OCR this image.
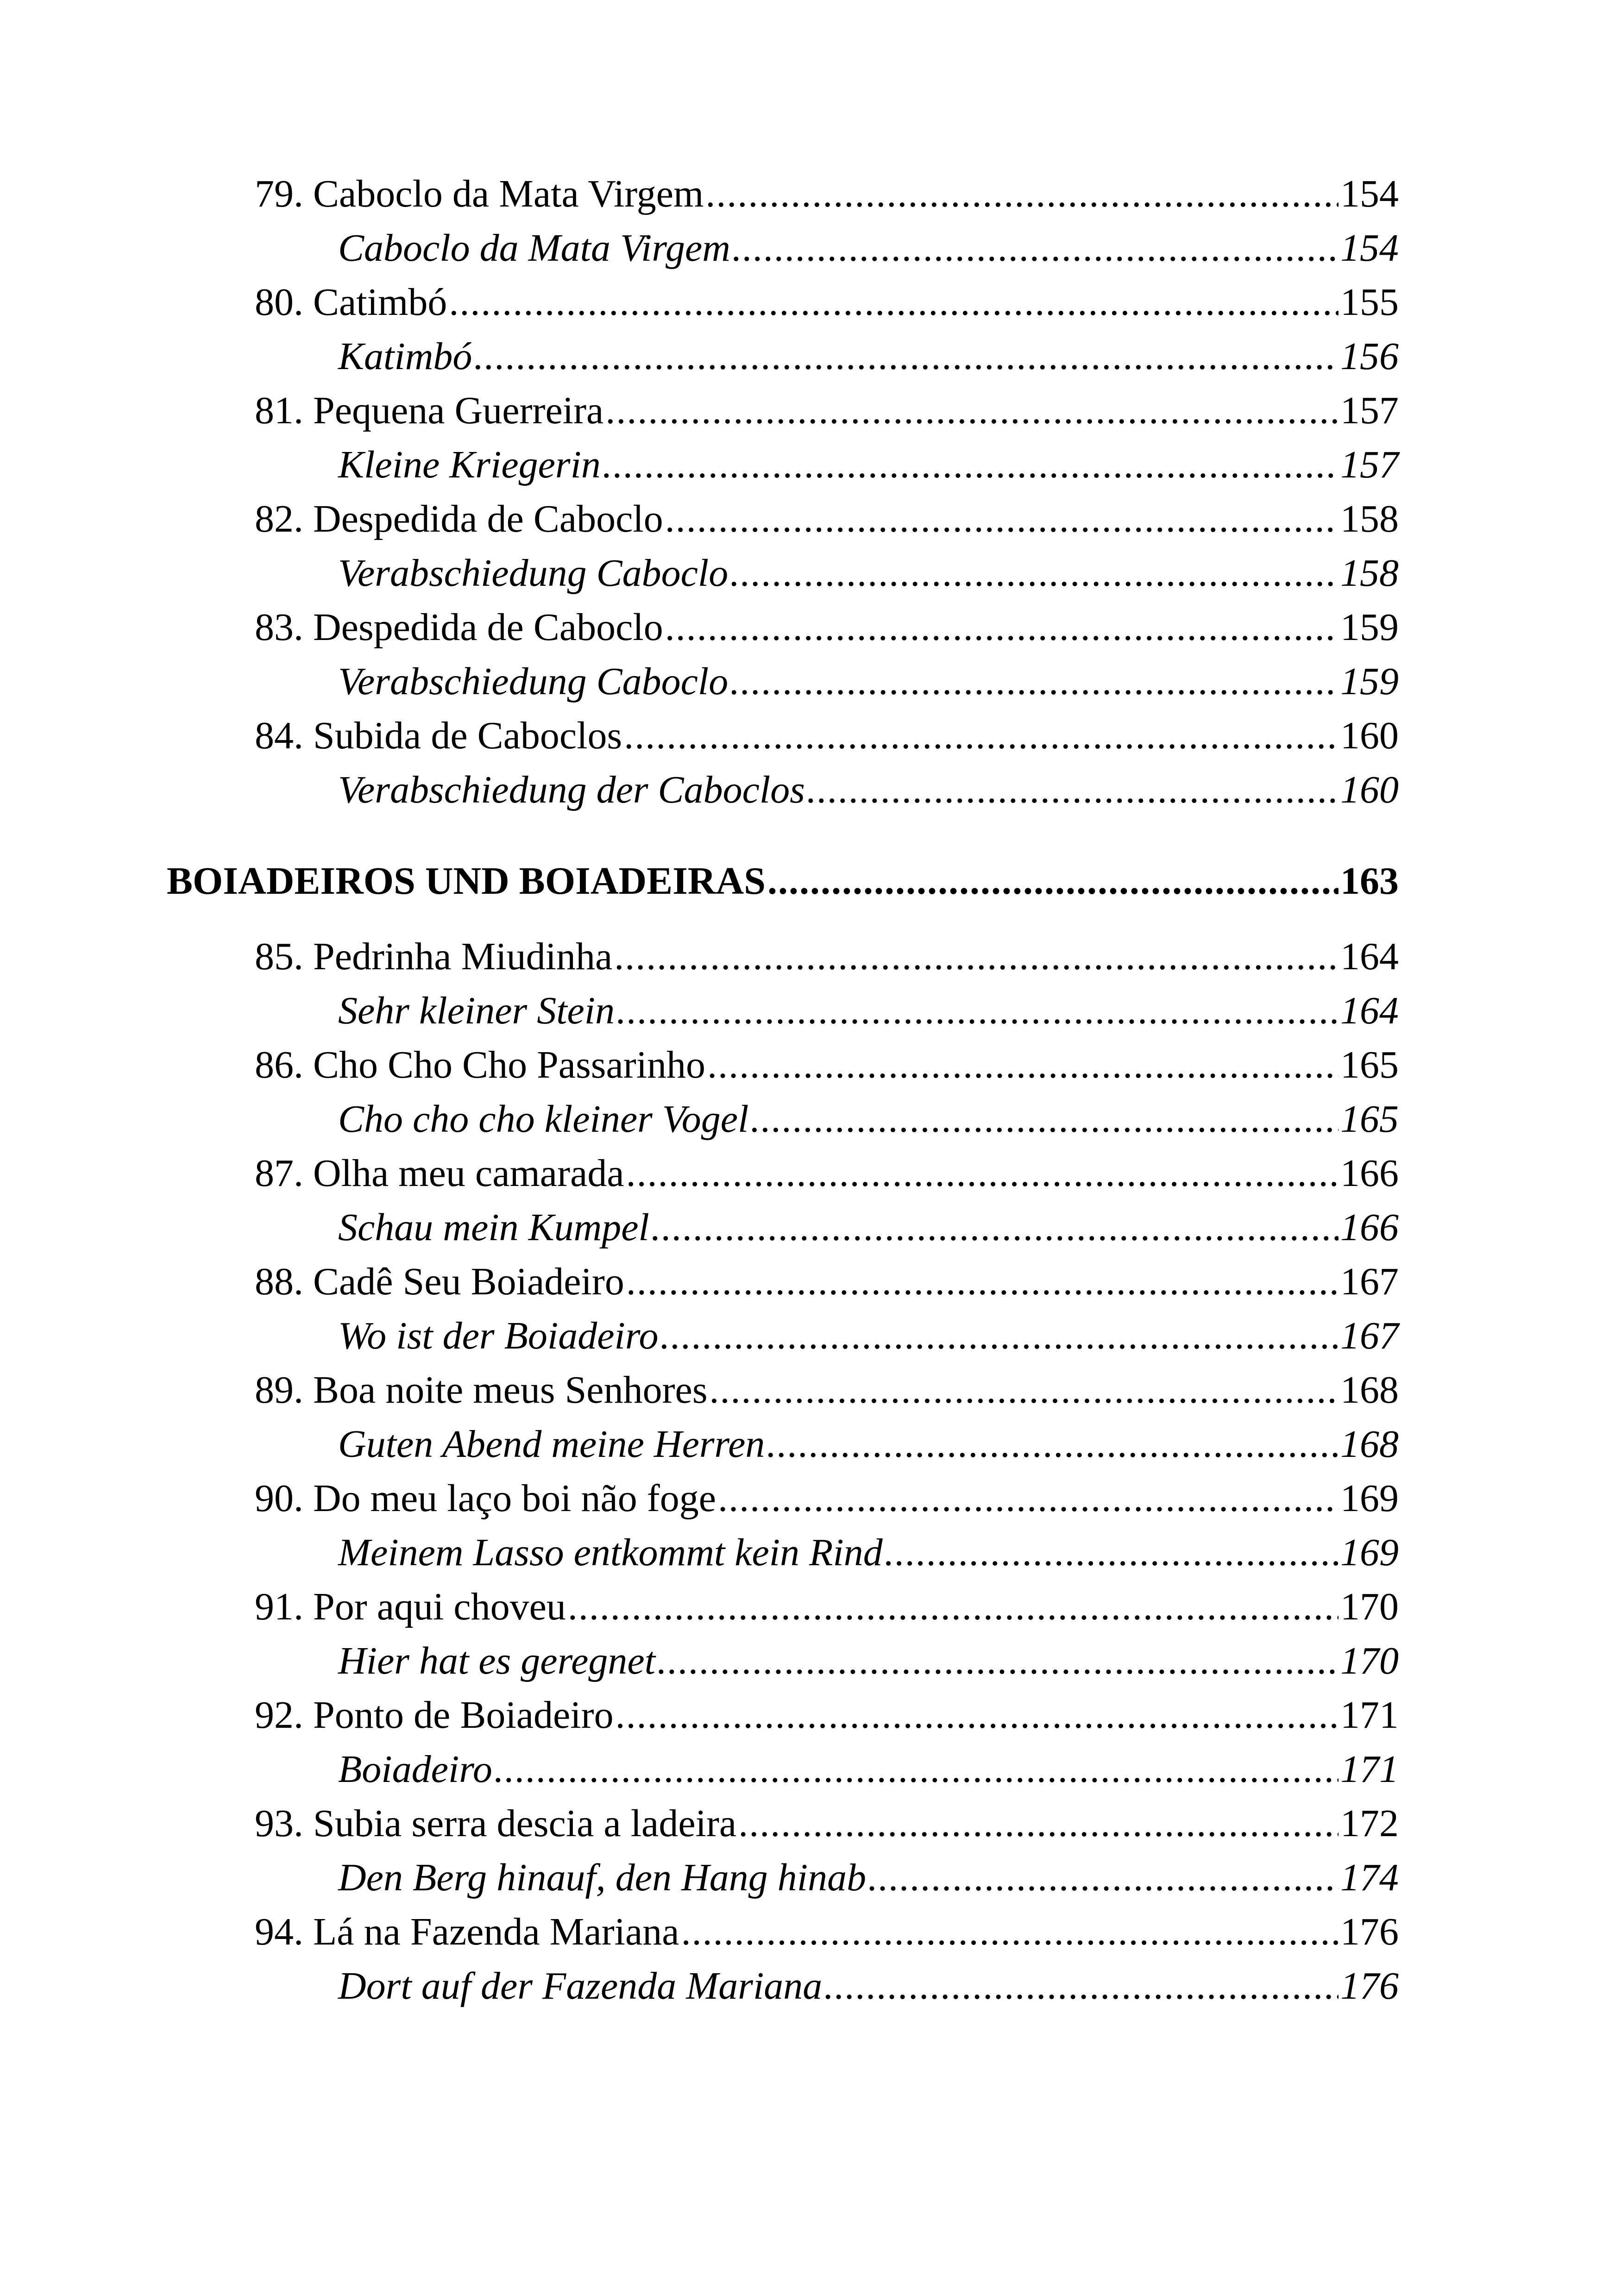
79. Caboclo da Mata Virgem .....	154
Caboclo da Mata Virgem .....	154
80. Catimbó .....	155
Katimbó .....	156
81. Pequena Guerreira .....	157
Kleine Kriegerin .....	157
82. Despedida de Caboclo .....	158
Verabschiedung Caboclo .....	158
83. Despedida de Caboclo .....	159
Verabschiedung Caboclo .....	159
84. Subida de Caboclos .....	160
Verabschiedung der Caboclos .....	160
BOIADEIROS UND BOIADEIRAS .....	163
85. Pedrinha Miudinha .....	164
Sehr kleiner Stein .....	164
86. Cho Cho Cho Passarinho .....	165
Cho cho cho kleiner Vogel .....	165
87. Olha meu camarada .....	166
Schau mein Kumpel .....	166
88. Cadê Seu Boiadeiro .....	167
Wo ist der Boiadeiro .....	167
89. Boa noite meus Senhores .....	168
Guten Abend meine Herren .....	168
90. Do meu laço boi não foge .....	169
Meinem Lasso entkommt kein Rind .....	169
91. Por aqui choveu .....	170
Hier hat es geregnet .....	170
92. Ponto de Boiadeiro .....	171
Boiadeiro .....	171
93. Subia serra descia a ladeira .....	172
Den Berg hinauf, den Hang hinab .....	174
94. Lá na Fazenda Mariana .....	176
Dort auf der Fazenda Mariana .....	176
